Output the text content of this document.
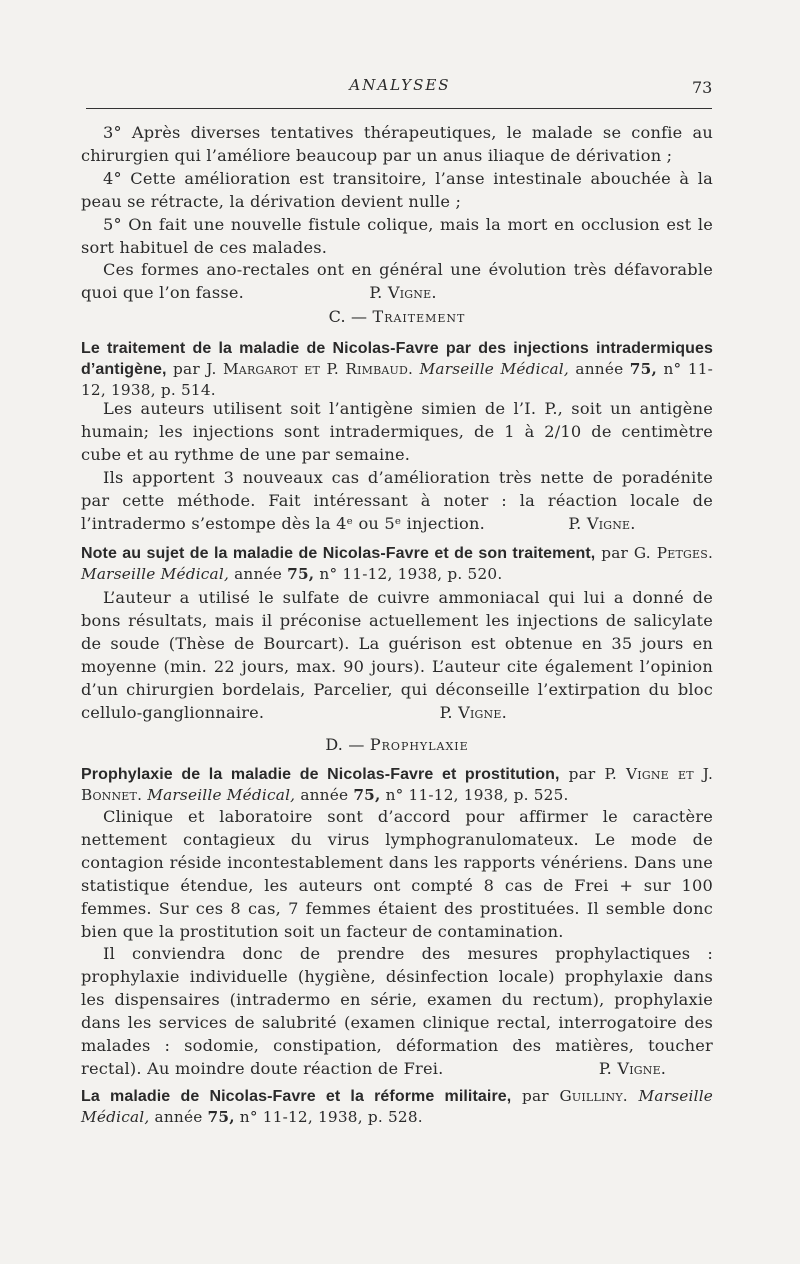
ANALYSES	73

3° Après diverses tentatives thérapeutiques, le malade se confie au chirurgien qui l’améliore beaucoup par un anus iliaque de dérivation ;

4° Cette amélioration est transitoire, l’anse intestinale abouchée à la peau se rétracte, la dérivation devient nulle ;

5° On fait une nouvelle fistule colique, mais la mort en occlusion est le sort habituel de ces malades.

Ces formes ano-rectales ont en général une évolution très défavorable quoi que l’on fasse.	P. Vigne.

C. — Traitement

Le traitement de la maladie de Nicolas-Favre par des injections intradermiques d’antigène, par J. Margarot et P. Rimbaud. Marseille Médical, année 75, n° 11-12, 1938, p. 514.

Les auteurs utilisent soit l’antigène simien de l’I. P., soit un antigène humain; les injections sont intradermiques, de 1 à 2/10 de centimètre cube et au rythme de une par semaine.

Ils apportent 3 nouveaux cas d’amélioration très nette de poradénite par cette méthode. Fait intéressant à noter : la réaction locale de l’intradermo s’estompe dès la 4ᵉ ou 5ᵉ injection.	P. Vigne.

Note au sujet de la maladie de Nicolas-Favre et de son traitement, par G. Petges. Marseille Médical, année 75, n° 11-12, 1938, p. 520.

L’auteur a utilisé le sulfate de cuivre ammoniacal qui lui a donné de bons résultats, mais il préconise actuellement les injections de salicylate de soude (Thèse de Bourcart). La guérison est obtenue en 35 jours en moyenne (min. 22 jours, max. 90 jours). L’auteur cite également l’opinion d’un chirurgien bordelais, Parcelier, qui déconseille l’extirpation du bloc cellulo-ganglionnaire.	P. Vigne.

D. — Prophylaxie

Prophylaxie de la maladie de Nicolas-Favre et prostitution, par P. Vigne et J. Bonnet. Marseille Médical, année 75, n° 11-12, 1938, p. 525.

Clinique et laboratoire sont d’accord pour affirmer le caractère nettement contagieux du virus lymphogranulomateux. Le mode de contagion réside incontestablement dans les rapports vénériens. Dans une statistique étendue, les auteurs ont compté 8 cas de Frei + sur 100 femmes. Sur ces 8 cas, 7 femmes étaient des prostituées. Il semble donc bien que la prostitution soit un facteur de contamination.

Il conviendra donc de prendre des mesures prophylactiques : prophylaxie individuelle (hygiène, désinfection locale) prophylaxie dans les dispensaires (intradermo en série, examen du rectum), prophylaxie dans les services de salubrité (examen clinique rectal, interrogatoire des malades : sodomie, constipation, déformation des matières, toucher rectal). Au moindre doute réaction de Frei.	P. Vigne.

La maladie de Nicolas-Favre et la réforme militaire, par Guilliny. Marseille Médical, année 75, n° 11-12, 1938, p. 528.
